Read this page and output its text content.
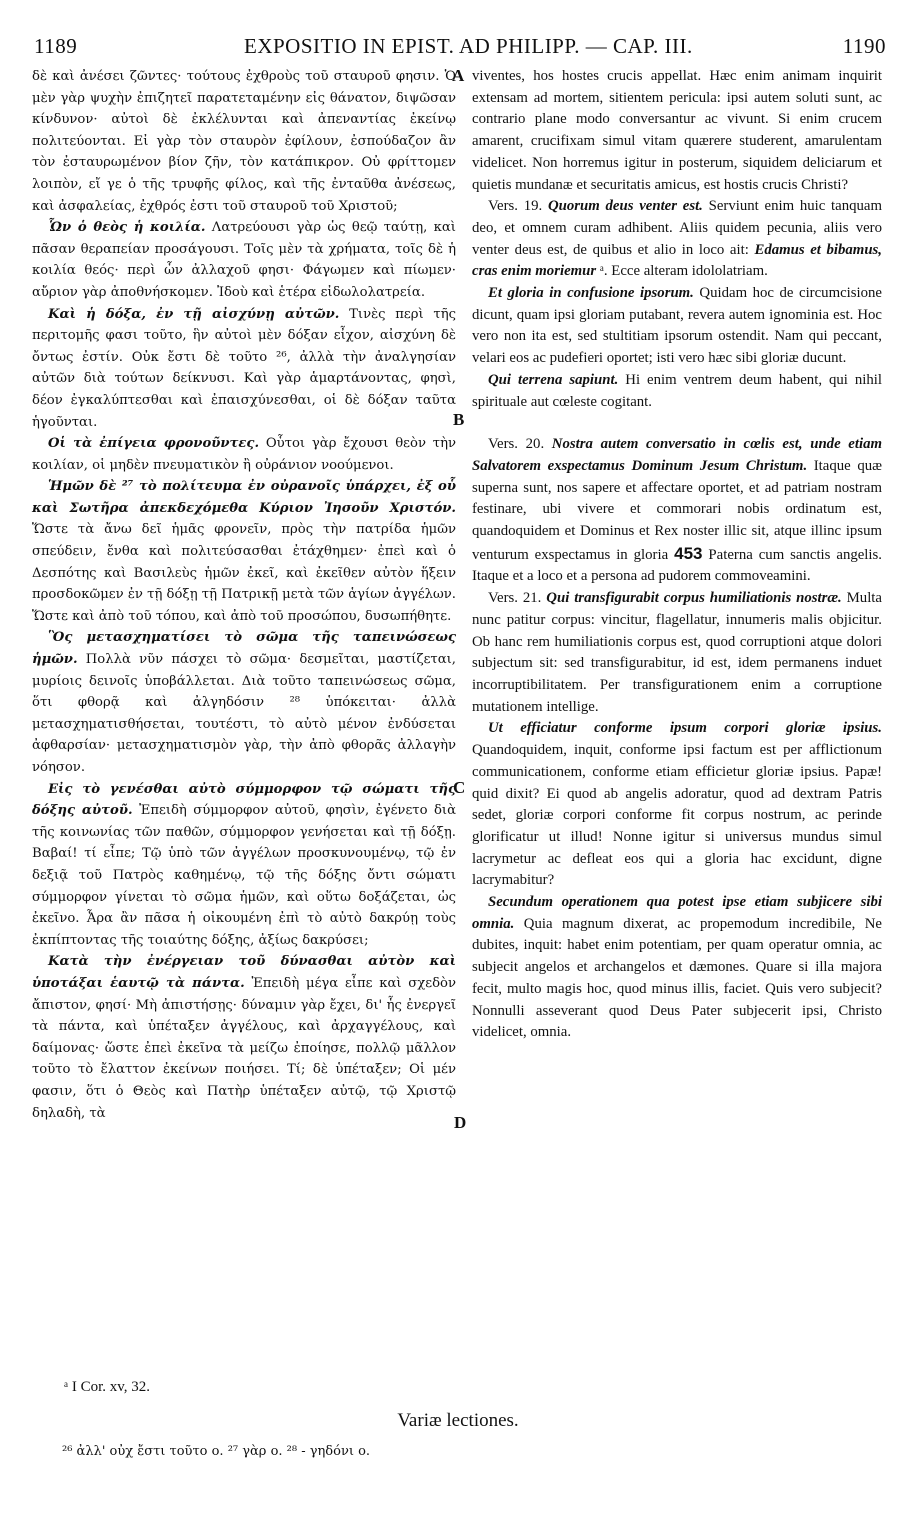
1189	EXPOSITIO IN EPIST. AD PHILIPP. — CAP. III.	1190

δὲ καὶ ἀνέσει ζῶντες· τούτους ἐχθροὺς τοῦ σταυροῦ φησιν. Ὁ μὲν γὰρ ψυχὴν ἐπιζητεῖ παρατεταμένην εἰς θάνατον, διψῶσαν κίνδυνον· αὐτοὶ δὲ ἐκλέλυνται καὶ ἀπεναντίας ἐκείνῳ πολιτεύονται. Εἰ γὰρ τὸν σταυρὸν ἐφίλουν, ἐσπούδαζον ἂν τὸν ἐσταυρωμένον βίον ζῆν, τὸν κατάπικρον. Οὐ φρίττομεν λοιπὸν, εἴ γε ὁ τῆς τρυφῆς φίλος, καὶ τῆς ἐνταῦθα ἀνέσεως, καὶ ἀσφαλείας, ἐχθρός ἐστι τοῦ σταυροῦ τοῦ Χριστοῦ;

Ὧν ὁ θεὸς ἡ κοιλία. Λατρεύουσι γὰρ ὡς θεῷ ταύτῃ, καὶ πᾶσαν θεραπείαν προσάγουσι. Τοῖς μὲν τὰ χρήματα, τοῖς δὲ ἡ κοιλία θεός· περὶ ὧν ἀλλαχοῦ φησι· Φάγωμεν καὶ πίωμεν· αὔριον γὰρ ἀποθνήσκομεν. Ἰδοὺ καὶ ἑτέρα εἰδωλολατρεία.

Καὶ ἡ δόξα, ἐν τῇ αἰσχύνῃ αὐτῶν. Τινὲς περὶ τῆς περιτομῆς φασι τοῦτο, ἣν αὐτοὶ μὲν δόξαν εἶχον, αἰσχύνη δὲ ὄντως ἐστίν. Οὐκ ἔστι δὲ τοῦτο ²⁶, ἀλλὰ τὴν ἀναλγησίαν αὐτῶν διὰ τούτων δείκνυσι. Καὶ γὰρ ἁμαρτάνοντας, φησὶ, δέον ἐγκαλύπτεσθαι καὶ ἐπαισχύνεσθαι, οἱ δὲ δόξαν ταῦτα ἡγοῦνται.

Οἱ τὰ ἐπίγεια φρονοῦντες. Οὗτοι γὰρ ἔχουσι θεὸν τὴν κοιλίαν, οἱ μηδὲν πνευματικὸν ἢ οὐράνιον νοούμενοι.

Ἡμῶν δὲ ²⁷ τὸ πολίτευμα ἐν οὐρανοῖς ὑπάρχει, ἐξ οὗ καὶ Σωτῆρα ἀπεκδεχόμεθα Κύριον Ἰησοῦν Χριστόν. Ὥστε τὰ ἄνω δεῖ ἡμᾶς φρονεῖν, πρὸς τὴν πατρίδα ἡμῶν σπεύδειν, ἔνθα καὶ πολιτεύσασθαι ἐτάχθημεν· ἐπεὶ καὶ ὁ Δεσπότης καὶ Βασιλεὺς ἡμῶν ἐκεῖ, καὶ ἐκεῖθεν αὐτὸν ἥξειν προσδοκῶμεν ἐν τῇ δόξῃ τῇ Πατρικῇ μετὰ τῶν ἁγίων ἀγγέλων. Ὥστε καὶ ἀπὸ τοῦ τόπου, καὶ ἀπὸ τοῦ προσώπου, δυσωπήθητε.

Ὃς μετασχηματίσει τὸ σῶμα τῆς ταπεινώσεως ἡμῶν. Πολλὰ νῦν πάσχει τὸ σῶμα· δεσμεῖται, μαστίζεται, μυρίοις δεινοῖς ὑποβάλλεται. Διὰ τοῦτο ταπεινώσεως σῶμα, ὅτι φθορᾷ καὶ ἀλγηδόσιν ²⁸ ὑπόκειται· ἀλλὰ μετασχηματισθήσεται, τουτέστι, τὸ αὐτὸ μένον ἐνδύσεται ἀφθαρσίαν· μετασχηματισμὸν γὰρ, τὴν ἀπὸ φθορᾶς ἀλλαγὴν νόησον.

Εἰς τὸ γενέσθαι αὐτὸ σύμμορφον τῷ σώματι τῆς δόξης αὐτοῦ. Ἐπειδὴ σύμμορφον αὐτοῦ, φησὶν, ἐγένετο διὰ τῆς κοινωνίας τῶν παθῶν, σύμμορφον γενήσεται καὶ τῇ δόξῃ. Βαβαί! τί εἶπε; Τῷ ὑπὸ τῶν ἀγγέλων προσκυνουμένῳ, τῷ ἐν δεξιᾷ τοῦ Πατρὸς καθημένῳ, τῷ τῆς δόξης ὄντι σώματι σύμμορφον γίνεται τὸ σῶμα ἡμῶν, καὶ οὕτω δοξάζεται, ὡς ἐκεῖνο. Ἆρα ἂν πᾶσα ἡ οἰκουμένη ἐπὶ τὸ αὐτὸ δακρύῃ τοὺς ἐκπίπτοντας τῆς τοιαύτης δόξης, ἀξίως δακρύσει;

Κατὰ τὴν ἐνέργειαν τοῦ δύνασθαι αὐτὸν καὶ ὑποτάξαι ἑαυτῷ τὰ πάντα. Ἐπειδὴ μέγα εἶπε καὶ σχεδὸν ἄπιστον, φησί· Μὴ ἀπιστήσῃς· δύναμιν γὰρ ἔχει, δι' ἧς ἐνεργεῖ τὰ πάντα, καὶ ὑπέταξεν ἀγγέλους, καὶ ἀρχαγγέλους, καὶ δαίμονας· ὥστε ἐπεὶ ἐκεῖνα τὰ μείζω ἐποίησε, πολλῷ μᾶλλον τοῦτο τὸ ἔλαττον ἐκείνων ποιήσει. Τί; δὲ ὑπέταξεν; Οἱ μέν φασιν, ὅτι ὁ Θεὸς καὶ Πατὴρ ὑπέταξεν αὐτῷ, τῷ Χριστῷ δηλαδὴ, τὰ

A
B
C
D

viventes, hos hostes crucis appellat. Hæc enim animam inquirit extensam ad mortem, sitientem pericula: ipsi autem soluti sunt, ac contrario plane modo conversantur ac vivunt. Si enim crucem amarent, crucifixam simul vitam quærere studerent, amarulentam videlicet. Non horremus igitur in posterum, siquidem deliciarum et quietis mundanæ et securitatis amicus, est hostis crucis Christi?

Vers. 19. Quorum deus venter est. Serviunt enim huic tanquam deo, et omnem curam adhibent. Aliis quidem pecunia, aliis vero venter deus est, de quibus et alio in loco ait: Edamus et bibamus, cras enim moriemur ᵃ. Ecce alteram idololatriam.

Et gloria in confusione ipsorum. Quidam hoc de circumcisione dicunt, quam ipsi gloriam putabant, revera autem ignominia est. Hoc vero non ita est, sed stultitiam ipsorum ostendit. Nam qui peccant, velari eos ac pudefieri oportet; isti vero hæc sibi gloriæ ducunt.

Qui terrena sapiunt. Hi enim ventrem deum habent, qui nihil spirituale aut cœleste cogitant.

Vers. 20. Nostra autem conversatio in cœlis est, unde etiam Salvatorem exspectamus Dominum Jesum Christum. Itaque quæ superna sunt, nos sapere et affectare oportet, et ad patriam nostram festinare, ubi vivere et commorari nobis ordinatum est, quandoquidem et Dominus et Rex noster illic sit, atque illinc ipsum venturum exspectamus in gloria 453 Paterna cum sanctis angelis. Itaque et a loco et a persona ad pudorem commoveamini.

Vers. 21. Qui transfigurabit corpus humiliationis nostræ. Multa nunc patitur corpus: vincitur, flagellatur, innumeris malis objicitur. Ob hanc rem humiliationis corpus est, quod corruptioni atque dolori subjectum sit: sed transfigurabitur, id est, idem permanens induet incorruptibilitatem. Per transfigurationem enim a corruptione mutationem intellige.

Ut efficiatur conforme ipsum corpori gloriæ ipsius. Quandoquidem, inquit, conforme ipsi factum est per afflictionum communicationem, conforme etiam efficietur gloriæ ipsius. Papæ! quid dixit? Ei quod ab angelis adoratur, quod ad dextram Patris sedet, gloriæ corpori conforme fit corpus nostrum, ac perinde glorificatur ut illud! Nonne igitur si universus mundus simul lacrymetur ac defleat eos qui a gloria hac excidunt, digne lacrymabitur?

Secundum operationem qua potest ipse etiam subjicere sibi omnia. Quia magnum dixerat, ac propemodum incredibile, Ne dubites, inquit: habet enim potentiam, per quam operatur omnia, ac subjecit angelos et archangelos et dæmones. Quare si illa majora fecit, multo magis hoc, quod minus illis, faciet. Quis vero subjecit? Nonnulli asseverant quod Deus Pater subjecerit ipsi, Christo videlicet, omnia.

ᵃ I Cor. xv, 32.
Variæ lectiones.
²⁶ ἀλλ' οὐχ ἔστι τοῦτο ο. ²⁷ γὰρ ο. ²⁸ - γηδόνι ο.
